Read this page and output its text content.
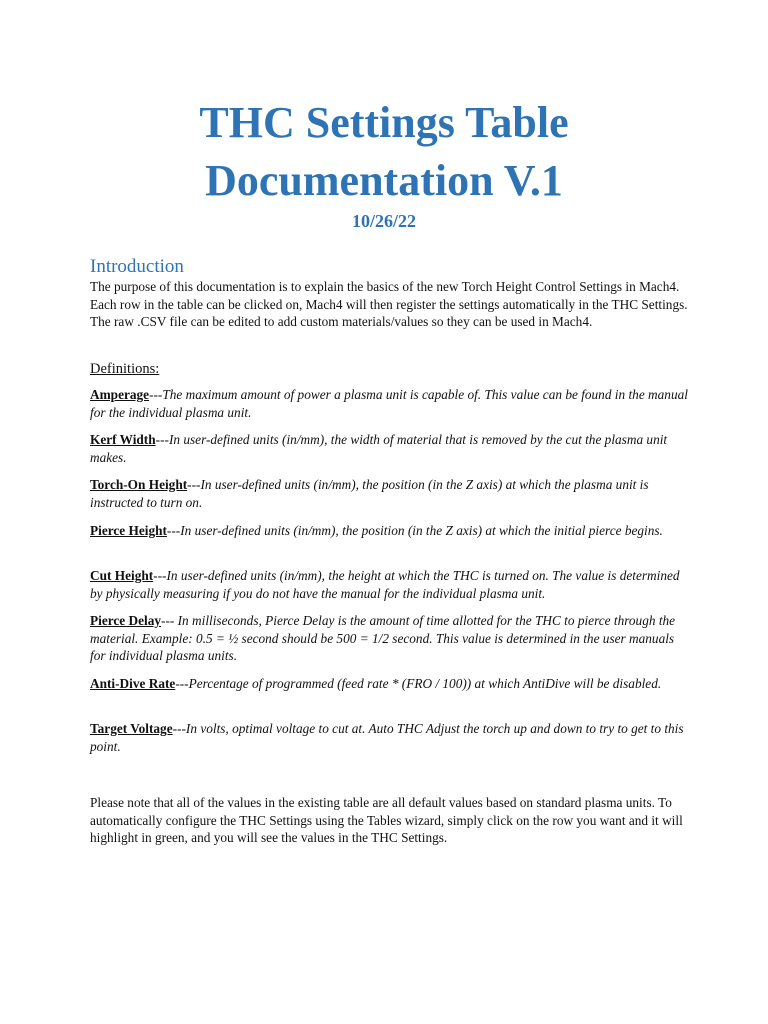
THC Settings Table
Documentation V.1
10/26/22
Introduction

The purpose of this documentation is to explain the basics of the new Torch Height Control Settings in Mach4. Each row in the table can be clicked on, Mach4 will then register the settings automatically in the THC Settings. The raw .CSV file can be edited to add custom materials/values so they can be used in Mach4.

Definitions:

Amperage---The maximum amount of power a plasma unit is capable of. This value can be found in the manual for the individual plasma unit.

Kerf Width---In user-defined units (in/mm), the width of material that is removed by the cut the plasma unit makes.

Torch-On Height---In user-defined units (in/mm), the position (in the Z axis) at which the plasma unit is instructed to turn on.

Pierce Height---In user-defined units (in/mm), the position (in the Z axis) at which the initial pierce begins.

Cut Height---In user-defined units (in/mm), the height at which the THC is turned on. The value is determined by physically measuring if you do not have the manual for the individual plasma unit.

Pierce Delay--- In milliseconds, Pierce Delay is the amount of time allotted for the THC to pierce through the material. Example: 0.5 = ½ second should be 500 = 1/2 second. This value is determined in the user manuals for individual plasma units.

Anti-Dive Rate---Percentage of programmed (feed rate * (FRO / 100)) at which AntiDive will be disabled.

Target Voltage---In volts, optimal voltage to cut at. Auto THC Adjust the torch up and down to try to get to this point.

Please note that all of the values in the existing table are all default values based on standard plasma units. To automatically configure the THC Settings using the Tables wizard, simply click on the row you want and it will highlight in green, and you will see the values in the THC Settings.
